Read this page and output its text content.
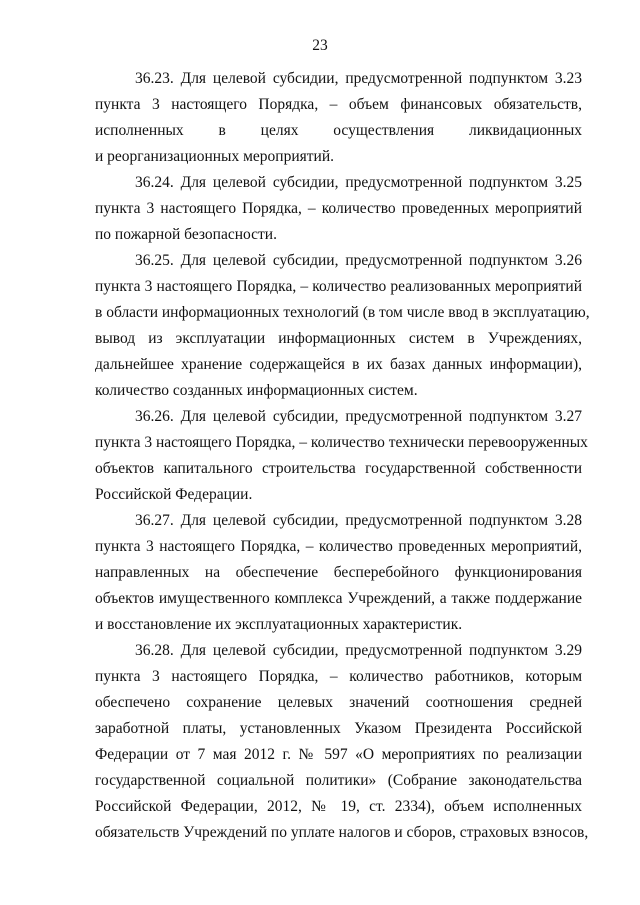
23
36.23. Для целевой субсидии, предусмотренной подпунктом 3.23
пункта 3 настоящего Порядка, – объем финансовых обязательств,
исполненных в целях осуществления ликвидационных
и реорганизационных мероприятий.
36.24. Для целевой субсидии, предусмотренной подпунктом 3.25
пункта 3 настоящего Порядка, – количество проведенных мероприятий
по пожарной безопасности.
36.25. Для целевой субсидии, предусмотренной подпунктом 3.26
пункта 3 настоящего Порядка, – количество реализованных мероприятий
в области информационных технологий (в том числе ввод в эксплуатацию,
вывод из эксплуатации информационных систем в Учреждениях,
дальнейшее хранение содержащейся в их базах данных информации),
количество созданных информационных систем.
36.26. Для целевой субсидии, предусмотренной подпунктом 3.27
пункта 3 настоящего Порядка, – количество технически перевооруженных
объектов капитального строительства государственной собственности
Российской Федерации.
36.27. Для целевой субсидии, предусмотренной подпунктом 3.28
пункта 3 настоящего Порядка, – количество проведенных мероприятий,
направленных на обеспечение бесперебойного функционирования
объектов имущественного комплекса Учреждений, а также поддержание
и восстановление их эксплуатационных характеристик.
36.28. Для целевой субсидии, предусмотренной подпунктом 3.29
пункта 3 настоящего Порядка, – количество работников, которым
обеспечено сохранение целевых значений соотношения средней
заработной платы, установленных Указом Президента Российской
Федерации от 7 мая 2012 г. № 597 «О мероприятиях по реализации
государственной социальной политики» (Собрание законодательства
Российской Федерации, 2012, № 19, ст. 2334), объем исполненных
обязательств Учреждений по уплате налогов и сборов, страховых взносов,
